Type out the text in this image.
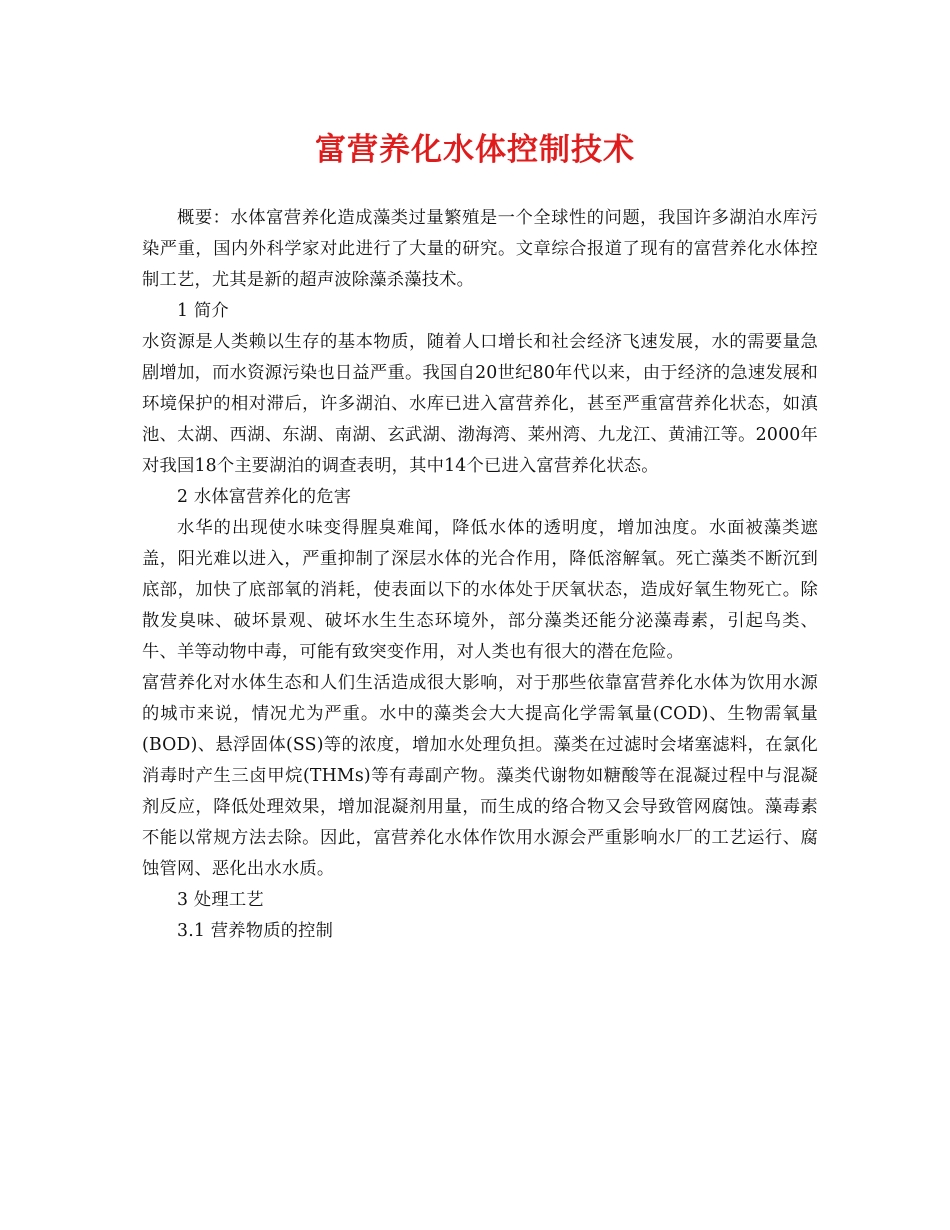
富营养化水体控制技术

概要：水体富营养化造成藻类过量繁殖是一个全球性的问题，我国许多湖泊水库污染严重，国内外科学家对此进行了大量的研究。文章综合报道了现有的富营养化水体控制工艺，尤其是新的超声波除藻杀藻技术。

1 简介

水资源是人类赖以生存的基本物质，随着人口增长和社会经济飞速发展，水的需要量急剧增加，而水资源污染也日益严重。我国自20世纪80年代以来，由于经济的急速发展和环境保护的相对滞后，许多湖泊、水库已进入富营养化，甚至严重富营养化状态，如滇池、太湖、西湖、东湖、南湖、玄武湖、渤海湾、莱州湾、九龙江、黄浦江等。2000年对我国18个主要湖泊的调查表明，其中14个已进入富营养化状态。

2 水体富营养化的危害

水华的出现使水味变得腥臭难闻，降低水体的透明度，增加浊度。水面被藻类遮盖，阳光难以进入，严重抑制了深层水体的光合作用，降低溶解氧。死亡藻类不断沉到底部，加快了底部氧的消耗，使表面以下的水体处于厌氧状态，造成好氧生物死亡。除散发臭味、破坏景观、破坏水生生态环境外，部分藻类还能分泌藻毒素，引起鸟类、牛、羊等动物中毒，可能有致突变作用，对人类也有很大的潜在危险。

富营养化对水体生态和人们生活造成很大影响，对于那些依靠富营养化水体为饮用水源的城市来说，情况尤为严重。水中的藻类会大大提高化学需氧量(COD)、生物需氧量(BOD)、悬浮固体(SS)等的浓度，增加水处理负担。藻类在过滤时会堵塞滤料，在氯化消毒时产生三卤甲烷(THMs)等有毒副产物。藻类代谢物如糖酸等在混凝过程中与混凝剂反应，降低处理效果，增加混凝剂用量，而生成的络合物又会导致管网腐蚀。藻毒素不能以常规方法去除。因此，富营养化水体作饮用水源会严重影响水厂的工艺运行、腐蚀管网、恶化出水水质。

3 处理工艺

3.1 营养物质的控制
